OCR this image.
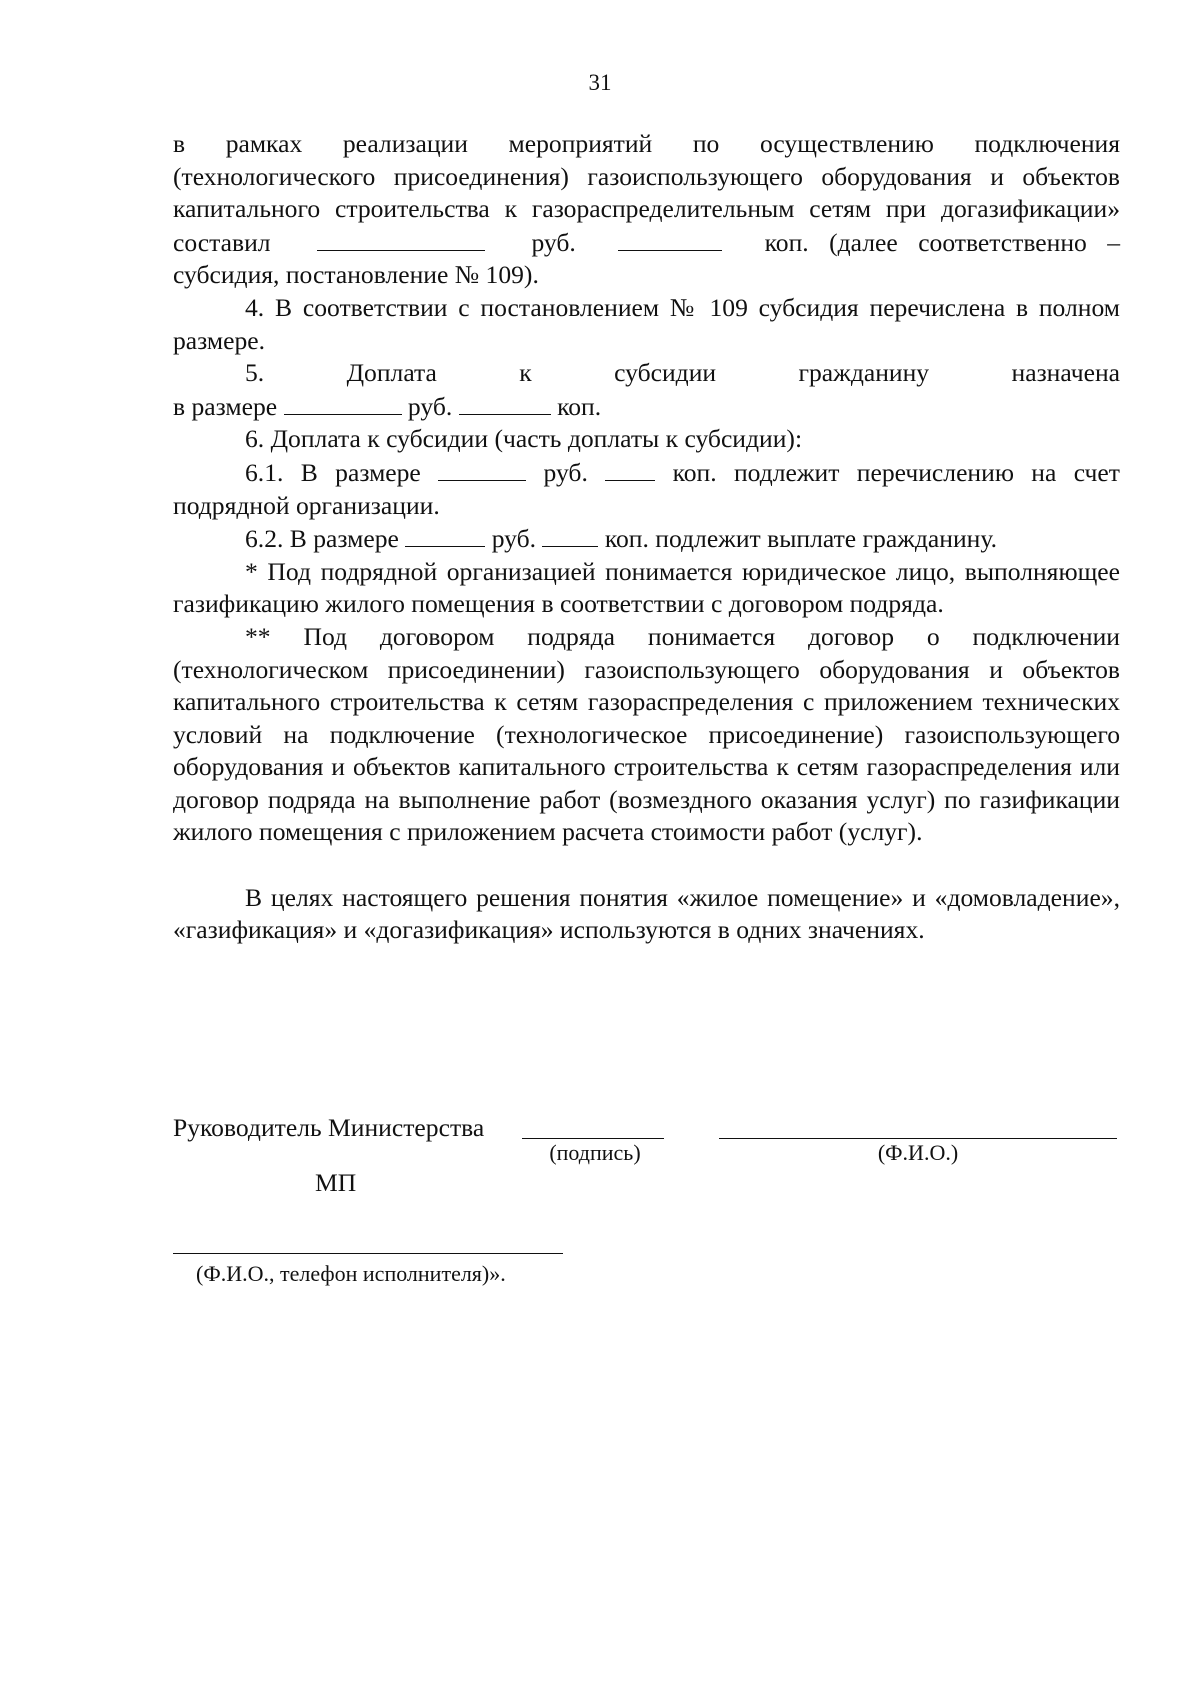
31

в рамках реализации мероприятий по осуществлению подключения (технологического присоединения) газоиспользующего оборудования и объектов капитального строительства к газораспределительным сетям при догазификации» составил	руб.	коп. (далее соответственно – субсидия, постановление № 109).

4. В соответствии с постановлением № 109 субсидия перечислена в полном размере.

5. Доплата к субсидии гражданину назначена

в размере	руб.	коп.

6. Доплата к субсидии (часть доплаты к субсидии):

6.1. В размере	руб.	коп. подлежит перечислению на счет подрядной организации.

6.2. В размере	руб.	коп. подлежит выплате гражданину.

* Под подрядной организацией понимается юридическое лицо, выполняющее газификацию жилого помещения в соответствии с договором подряда.

** Под договором подряда понимается договор о подключении (технологическом присоединении) газоиспользующего оборудования и объектов капитального строительства к сетям газораспределения с приложением технических условий на подключение (технологическое присоединение) газоиспользующего оборудования и объектов капитального строительства к сетям газораспределения или договор подряда на выполнение работ (возмездного оказания услуг) по газификации жилого помещения с приложением расчета стоимости работ (услуг).

В целях настоящего решения понятия «жилое помещение» и «домовладение», «газификация» и «догазификация» используются в одних значениях.

Руководитель Министерства
(подпись)	(Ф.И.О.)
МП
(Ф.И.О., телефон исполнителя)».
